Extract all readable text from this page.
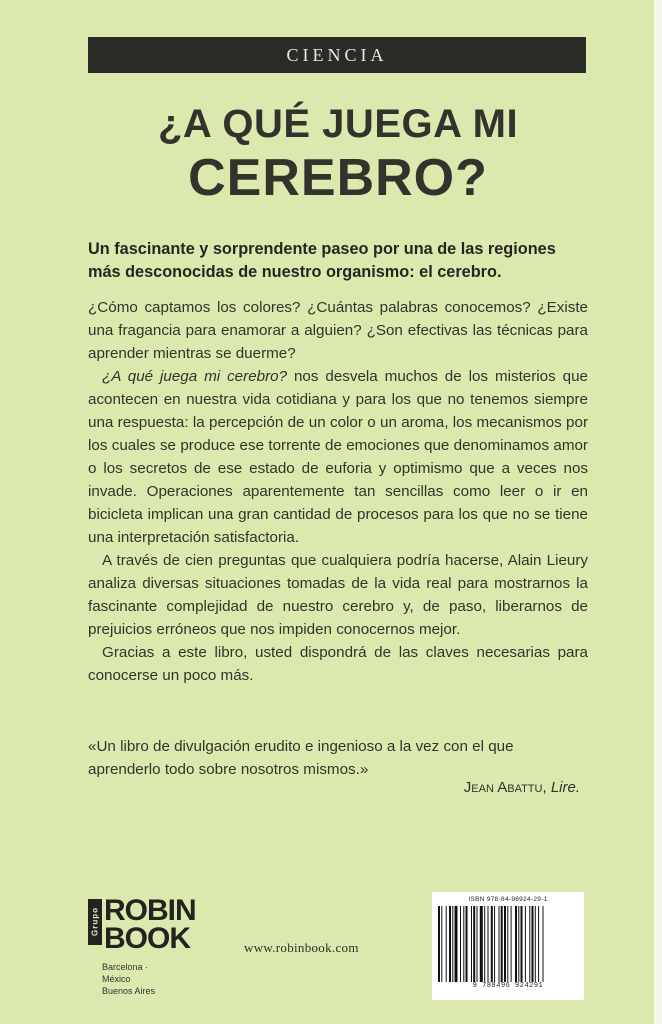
CIENCIA
¿A QUÉ JUEGA MI
CEREBRO?
Un fascinante y sorprendente paseo por una de las regiones más desconocidas de nuestro organismo: el cerebro.

¿Cómo captamos los colores? ¿Cuántas palabras conocemos? ¿Existe una fragancia para enamorar a alguien? ¿Son efectivas las técnicas para aprender mientras se duerme?

¿A qué juega mi cerebro? nos desvela muchos de los misterios que acontecen en nuestra vida cotidiana y para los que no tenemos siempre una respuesta: la percepción de un color o un aroma, los mecanismos por los cuales se produce ese torrente de emociones que denominamos amor o los secretos de ese estado de euforia y optimismo que a veces nos invade. Operaciones aparentemente tan sencillas como leer o ir en bicicleta implican una gran cantidad de procesos para los que no se tiene una interpretación satisfactoria.

A través de cien preguntas que cualquiera podría hacerse, Alain Lieury analiza diversas situaciones tomadas de la vida real para mostrarnos la fascinante complejidad de nuestro cerebro y, de paso, liberarnos de prejuicios erróneos que nos impiden conocernos mejor.

Gracias a este libro, usted dispondrá de las claves necesarias para conocerse un poco más.

«Un libro de divulgación erudito e ingenioso a la vez con el que aprenderlo todo sobre nosotros mismos.»
Jean Abattu, Lire.
Grupo ROBIN
BOOK
Barcelona · México
Buenos Aires
www.robinbook.com
ISBN 978-84-96924-29-1
9 788496 924291
